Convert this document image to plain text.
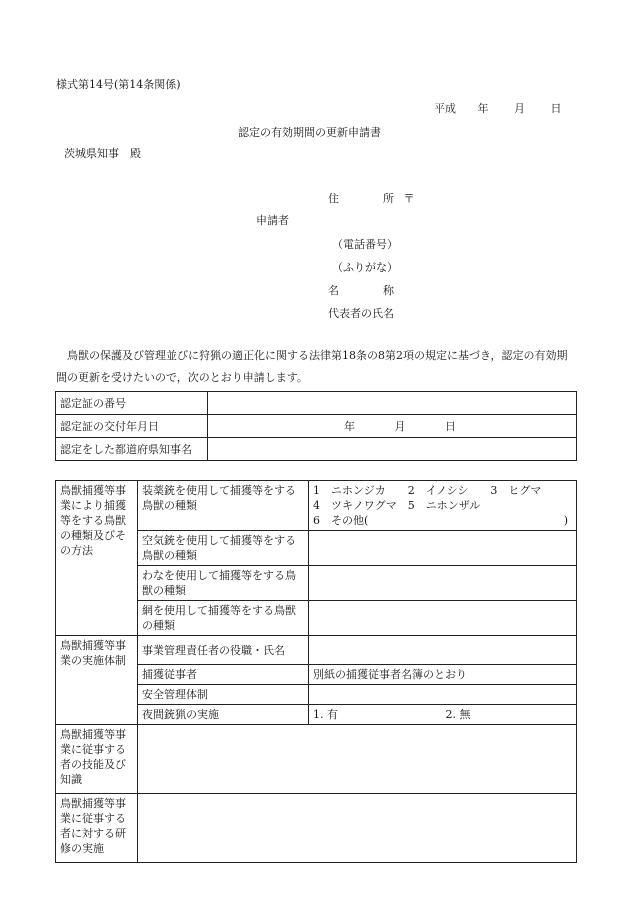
様式第14号(第14条関係)
平成 年 月 日
認定の有効期間の更新申請書
茨城県知事　殿
住　　　　所 〒
申請者
（電話番号）
（ふりがな）
名　　　　称
代表者の氏名
鳥獣の保護及び管理並びに狩猟の適正化に関する法律第18条の8第2項の規定に基づき，認定の有効期間の更新を受けたいので，次のとおり申請します。
認定証の番号	
認定証の交付年月日	年 月 日
認定をした都道府県知事名	
鳥獣捕獲等事業により捕獲等をする鳥獣の種類及びその方法	装薬銃を使用して捕獲等をする鳥獣の種類	1　ニホンジカ　　2　イノシシ　　3　ヒグマ
4　ツキノワグマ　5　ニホンザル
6　その他( )

	空気銃を使用して捕獲等をする鳥獣の種類	
	わなを使用して捕獲等をする鳥獣の種類	
	網を使用して捕獲等をする鳥獣の種類	
鳥獣捕獲等事業の実施体制	事業管理責任者の役職・氏名	
	捕獲従事者	別紙の捕獲従事者名簿のとおり
	安全管理体制	
	夜間銃猟の実施	1. 有 2. 無
鳥獣捕獲等事業に従事する者の技能及び知識		
鳥獣捕獲等事業に従事する者に対する研修の実施		
